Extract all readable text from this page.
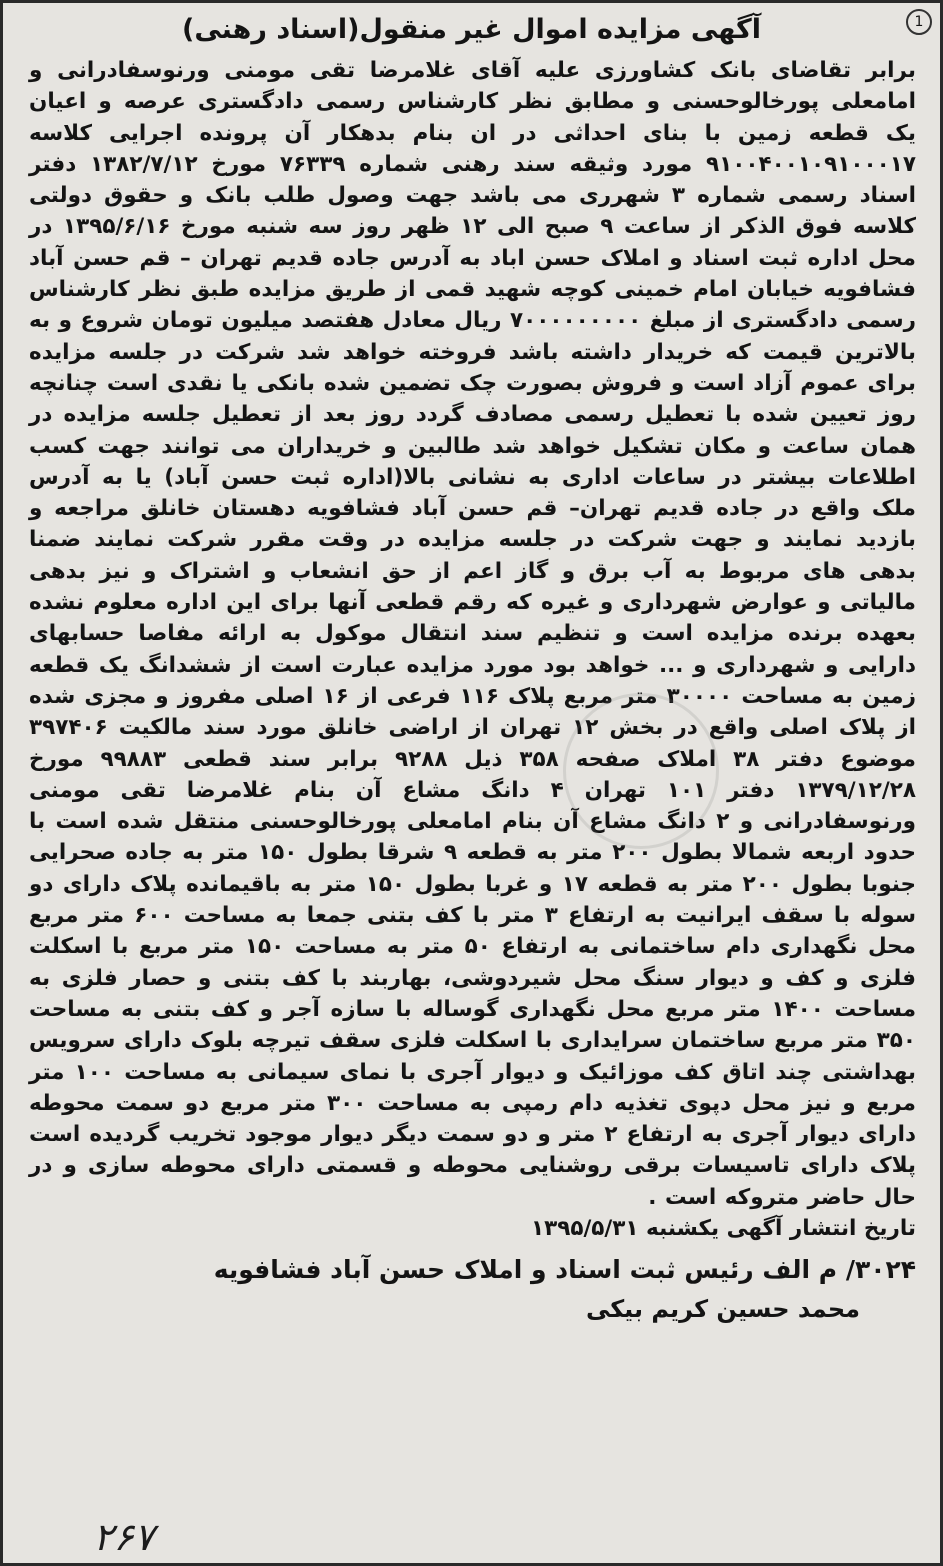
1
آگهی مزایده اموال غیر منقول(اسناد رهنی)
برابر تقاضای بانک کشاورزی علیه آقای غلامرضا تقی مومنی ورنوسفادرانی و امامعلی پورخالوحسنی و مطابق نظر کارشناس رسمی دادگستری عرصه و اعیان یک قطعه زمین با بنای احداثی در ان بنام بدهکار آن پرونده اجرایی کلاسه ۹۱۰۰۴۰۰۱۰۹۱۰۰۰۱۷ مورد وثیقه سند رهنی شماره ۷۶۳۳۹ مورخ ۱۳۸۲/۷/۱۲ دفتر اسناد رسمی شماره ۳ شهرری می باشد جهت وصول طلب بانک و حقوق دولتی کلاسه فوق الذکر از ساعت ۹ صبح الی ۱۲ ظهر روز سه شنبه مورخ ۱۳۹۵/۶/۱۶ در محل اداره ثبت اسناد و املاک حسن اباد به آدرس جاده قدیم تهران – قم حسن آباد فشافویه خیابان امام خمینی کوچه شهید قمی از طریق مزایده طبق نظر کارشناس رسمی دادگستری از مبلغ ۷۰۰۰۰۰۰۰۰۰ ریال معادل هفتصد میلیون تومان شروع و به بالاترین قیمت که خریدار داشته باشد فروخته خواهد شد شرکت در جلسه مزایده برای عموم آزاد است و فروش بصورت چک تضمین شده بانکی یا نقدی است چنانچه روز تعیین شده با تعطیل رسمی مصادف گردد روز بعد از تعطیل جلسه مزایده در همان ساعت و مکان تشکیل خواهد شد طالبین و خریداران می توانند جهت کسب اطلاعات بیشتر در ساعات اداری به نشانی بالا(اداره ثبت حسن آباد) یا به آدرس ملک واقع در جاده قدیم تهران– قم حسن آباد فشافویه دهستان خانلق مراجعه و بازدید نمایند و جهت شرکت در جلسه مزایده در وقت مقرر شرکت نمایند ضمنا بدهی های مربوط به آب برق و گاز اعم از حق انشعاب و اشتراک و نیز بدهی مالیاتی و عوارض شهرداری و غیره که رقم قطعی آنها برای این اداره معلوم نشده بعهده برنده مزایده است و تنظیم سند انتقال موکول به ارائه مفاصا حسابهای دارایی و شهرداری و ... خواهد بود مورد مزایده عبارت است از ششدانگ یک قطعه زمین به مساحت ۳۰۰۰۰ متر مربع پلاک ۱۱۶ فرعی از ۱۶ اصلی مفروز و مجزی شده از پلاک اصلی واقع در بخش ۱۲ تهران از اراضی خانلق مورد سند مالکیت ۳۹۷۴۰۶ موضوع دفتر ۳۸ املاک صفحه ۳۵۸ ذیل ۹۲۸۸ برابر سند قطعی ۹۹۸۸۳ مورخ ۱۳۷۹/۱۲/۲۸ دفتر ۱۰۱ تهران ۴ دانگ مشاع آن بنام غلامرضا تقی مومنی ورنوسفادرانی و ۲ دانگ مشاع آن بنام امامعلی پورخالوحسنی منتقل شده است با حدود اربعه شمالا بطول ۲۰۰ متر به قطعه ۹ شرقا بطول ۱۵۰ متر به جاده صحرایی جنوبا بطول ۲۰۰ متر به قطعه ۱۷ و غربا بطول ۱۵۰ متر به باقیمانده پلاک دارای دو سوله با سقف ایرانیت به ارتفاع ۳ متر با کف بتنی جمعا به مساحت ۶۰۰ متر مربع محل نگهداری دام ساختمانی به ارتفاع ۵۰ متر به مساحت ۱۵۰ متر مربع با اسکلت فلزی و کف و دیوار سنگ محل شیردوشی، بهاربند با کف بتنی و حصار فلزی به مساحت ۱۴۰۰ متر مربع محل نگهداری گوساله با سازه آجر و کف بتنی به مساحت ۳۵۰ متر مربع ساختمان سرایداری با اسکلت فلزی سقف تیرچه بلوک دارای سرویس بهداشتی چند اتاق کف موزائیک و دیوار آجری با نمای سیمانی به مساحت ۱۰۰ متر مربع و نیز محل دپوی تغذیه دام رمپی به مساحت ۳۰۰ متر مربع دو سمت محوطه دارای دیوار آجری به ارتفاع ۲ متر و دو سمت دیگر دیوار موجود تخریب گردیده است پلاک دارای تاسیسات برقی روشنایی محوطه و قسمتی دارای محوطه سازی و در حال حاضر متروکه است .
تاریخ انتشار آگهی یکشنبه ۱۳۹۵/۵/۳۱
۳۰۲۴/ م الف رئیس ثبت اسناد و املاک حسن آباد فشافویه
محمد حسین کریم بیکی
۲۶۷
